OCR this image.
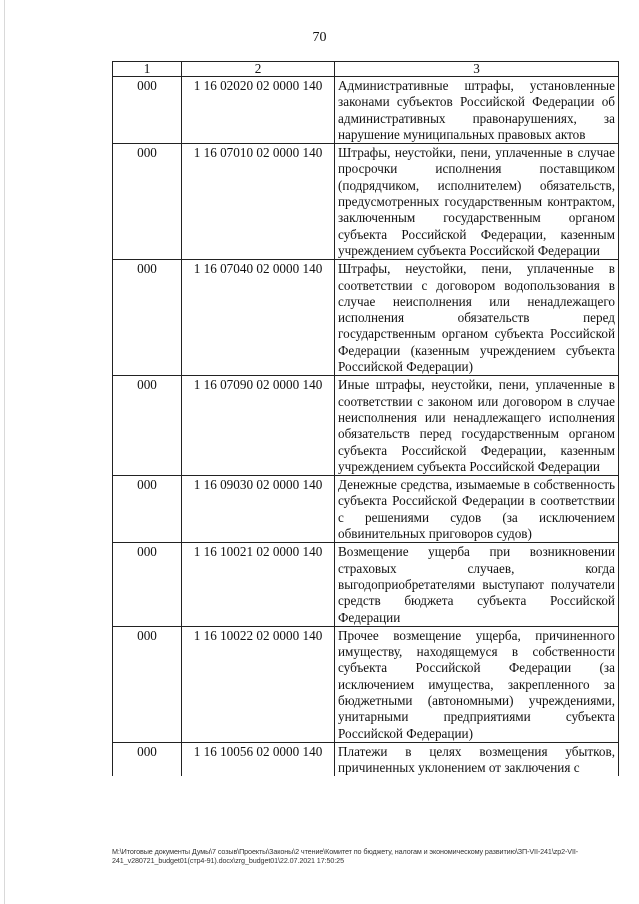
70
1	2	3
000	1 16 02020 02 0000 140	Административные штрафы, установленные законами субъектов Российской Федерации об административных правонарушениях, за нарушение муниципальных правовых актов
000	1 16 07010 02 0000 140	Штрафы, неустойки, пени, уплаченные в случае просрочки исполнения поставщиком (подрядчиком, исполнителем) обязательств, предусмотренных государственным контрактом, заключенным государственным органом субъекта Российской Федерации, казенным учреждением субъекта Российской Федерации
000	1 16 07040 02 0000 140	Штрафы, неустойки, пени, уплаченные в соответствии с договором водопользования в случае неисполнения или ненадлежащего исполнения обязательств перед государственным органом субъекта Российской Федерации (казенным учреждением субъекта Российской Федерации)
000	1 16 07090 02 0000 140	Иные штрафы, неустойки, пени, уплаченные в соответствии с законом или договором в случае неисполнения или ненадлежащего исполнения обязательств перед государственным органом субъекта Российской Федерации, казенным учреждением субъекта Российской Федерации
000	1 16 09030 02 0000 140	Денежные средства, изымаемые в собственность субъекта Российской Федерации в соответствии с решениями судов (за исключением обвинительных приговоров судов)
000	1 16 10021 02 0000 140	Возмещение ущерба при возникновении страховых случаев, когда выгодоприобретателями выступают получатели средств бюджета субъекта Российской Федерации
000	1 16 10022 02 0000 140	Прочее возмещение ущерба, причиненного имуществу, находящемуся в собственности субъекта Российской Федерации (за исключением имущества, закрепленного за бюджетными (автономными) учреждениями, унитарными предприятиями субъекта Российской Федерации)
000	1 16 10056 02 0000 140	Платежи в целях возмещения убытков, причиненных уклонением от заключения с
М:\Итоговые документы Думы\7 созыв\Проекты\Законы\2 чтение\Комитет по бюджету, налогам и экономическому развитию\ЗП-VII-241\zp2-VII-
241_v280721_budget01(стр4-91).docx\zrg_budget01\22.07.2021 17:50:25
